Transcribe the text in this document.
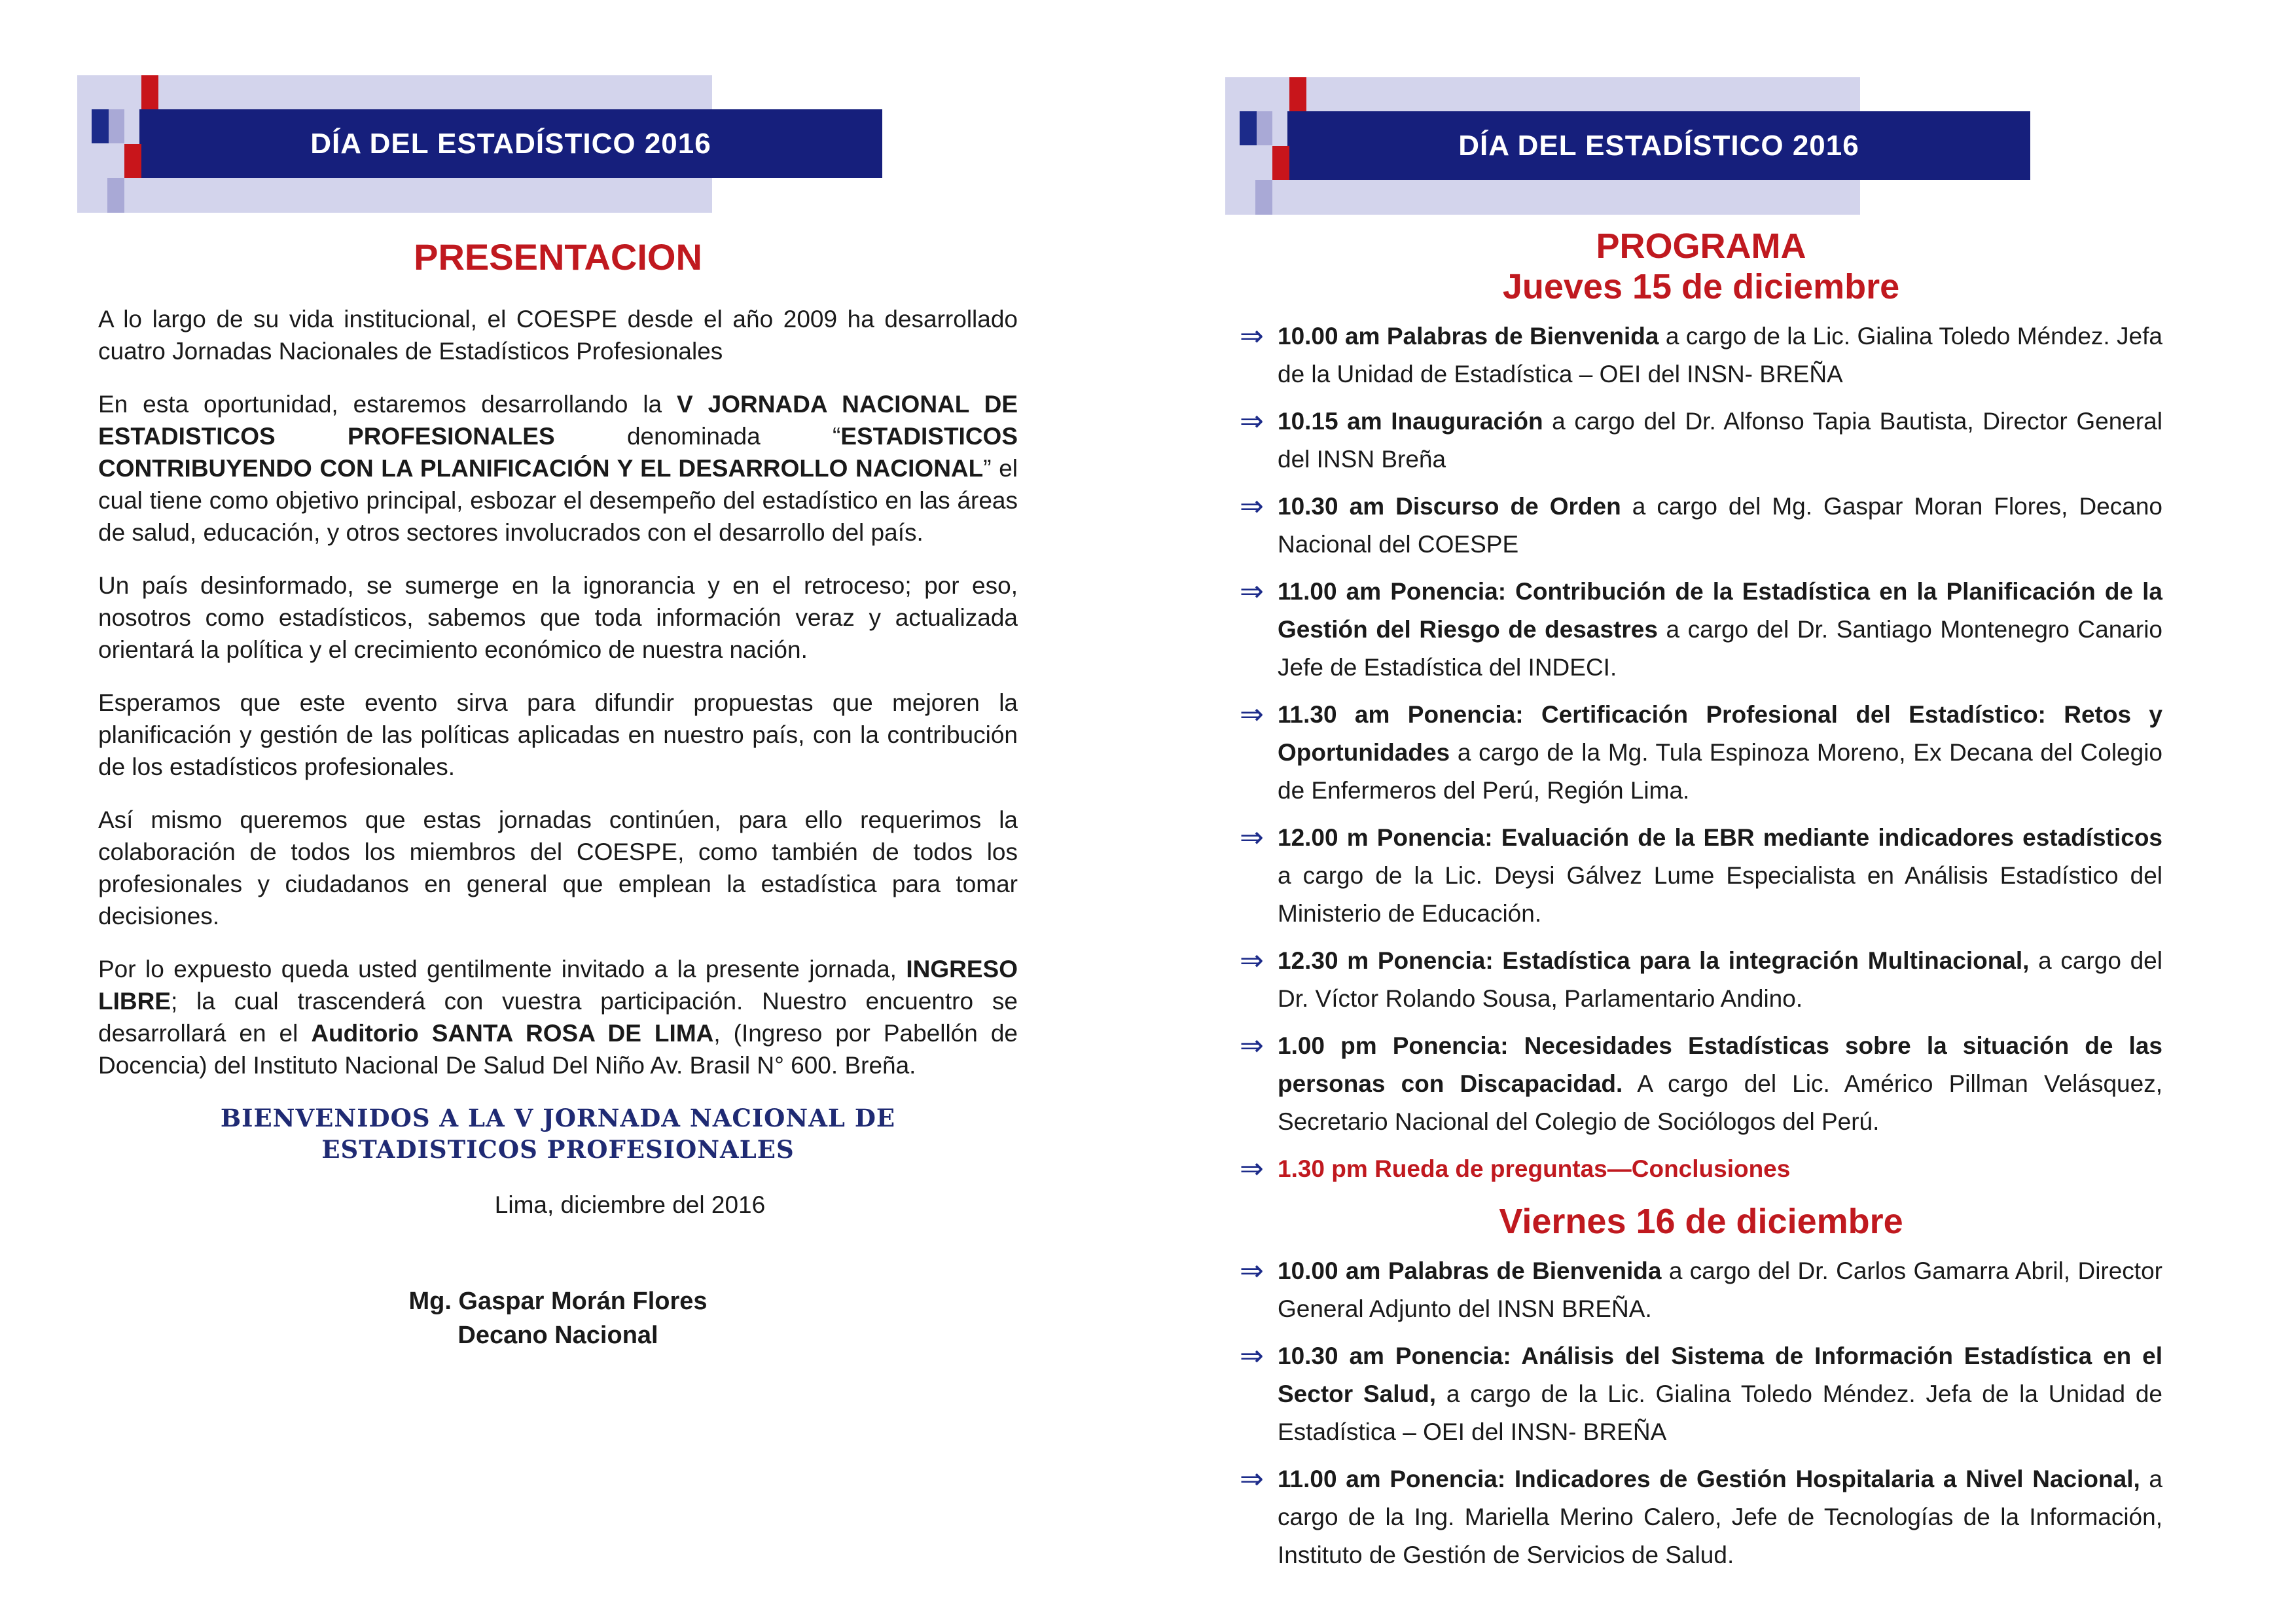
DÍA DEL ESTADÍSTICO 2016
PRESENTACION

A lo largo de su vida institucional, el COESPE desde el año 2009 ha desarrollado cuatro Jornadas Nacionales de Estadísticos Profesionales

En esta oportunidad, estaremos desarrollando la V JORNADA NACIONAL DE ESTADISTICOS PROFESIONALES denominada “ESTADISTICOS CONTRIBUYENDO CON LA PLANIFICACIÓN Y EL DESARROLLO NACIONAL” el cual tiene como objetivo principal, esbozar el desempeño del estadístico en las áreas de salud, educación, y otros sectores involucrados con el desarrollo del país.

Un país desinformado, se sumerge en la ignorancia y en el retroceso; por eso, nosotros como estadísticos, sabemos que toda información veraz y actualizada orientará la política y el crecimiento económico de nuestra nación.

Esperamos que este evento sirva para difundir propuestas que mejoren la planificación y gestión de las políticas aplicadas en nuestro país, con la contribución de los estadísticos profesionales.

Así mismo queremos que estas jornadas continúen, para ello requerimos la colaboración de todos los miembros del COESPE, como también de todos los profesionales y ciudadanos en general que emplean la estadística para tomar decisiones.

Por lo expuesto queda usted gentilmente invitado a la presente jornada, INGRESO LIBRE; la cual trascenderá con vuestra participación. Nuestro encuentro se desarrollará en el Auditorio SANTA ROSA DE LIMA, (Ingreso por Pabellón de Docencia) del Instituto Nacional De Salud Del Niño Av. Brasil N° 600. Breña.

BIENVENIDOS A LA V JORNADA NACIONAL DE
ESTADISTICOS PROFESIONALES
Lima, diciembre del 2016
Mg. Gaspar Morán Flores
Decano Nacional
DÍA DEL ESTADÍSTICO 2016
PROGRAMA
Jueves 15 de diciembre
⇒ 10.00 am Palabras de Bienvenida a cargo de la Lic. Gialina Toledo Méndez. Jefa de la Unidad de Estadística – OEI del INSN- BREÑA
⇒ 10.15 am Inauguración a cargo del Dr. Alfonso Tapia Bautista, Director General del INSN Breña
⇒ 10.30 am Discurso de Orden a cargo del Mg. Gaspar Moran Flores, Decano Nacional del COESPE
⇒ 11.00 am Ponencia: Contribución de la Estadística en la Planificación de la Gestión del Riesgo de desastres a cargo del Dr. Santiago Montenegro Canario Jefe de Estadística del INDECI.
⇒ 11.30 am Ponencia: Certificación Profesional del Estadístico: Retos y Oportunidades a cargo de la Mg. Tula Espinoza Moreno, Ex Decana del Colegio de Enfermeros del Perú, Región Lima.
⇒ 12.00 m Ponencia: Evaluación de la EBR mediante indicadores estadísticos a cargo de la Lic. Deysi Gálvez Lume Especialista en Análisis Estadístico del Ministerio de Educación.
⇒ 12.30 m Ponencia: Estadística para la integración Multinacional, a cargo del Dr. Víctor Rolando Sousa, Parlamentario Andino.
⇒ 1.00 pm Ponencia: Necesidades Estadísticas sobre la situación de las personas con Discapacidad. A cargo del Lic. Américo Pillman Velásquez, Secretario Nacional del Colegio de Sociólogos del Perú.
⇒ 1.30 pm Rueda de preguntas—Conclusiones
Viernes 16 de diciembre
⇒ 10.00 am Palabras de Bienvenida a cargo del Dr. Carlos Gamarra Abril, Director General Adjunto del INSN BREÑA.
⇒ 10.30 am Ponencia: Análisis del Sistema de Información Estadística en el Sector Salud, a cargo de la Lic. Gialina Toledo Méndez. Jefa de la Unidad de Estadística – OEI del INSN- BREÑA
⇒ 11.00 am Ponencia: Indicadores de Gestión Hospitalaria a Nivel Nacional, a cargo de la Ing. Mariella Merino Calero, Jefe de Tecnologías de la Información, Instituto de Gestión de Servicios de Salud.
